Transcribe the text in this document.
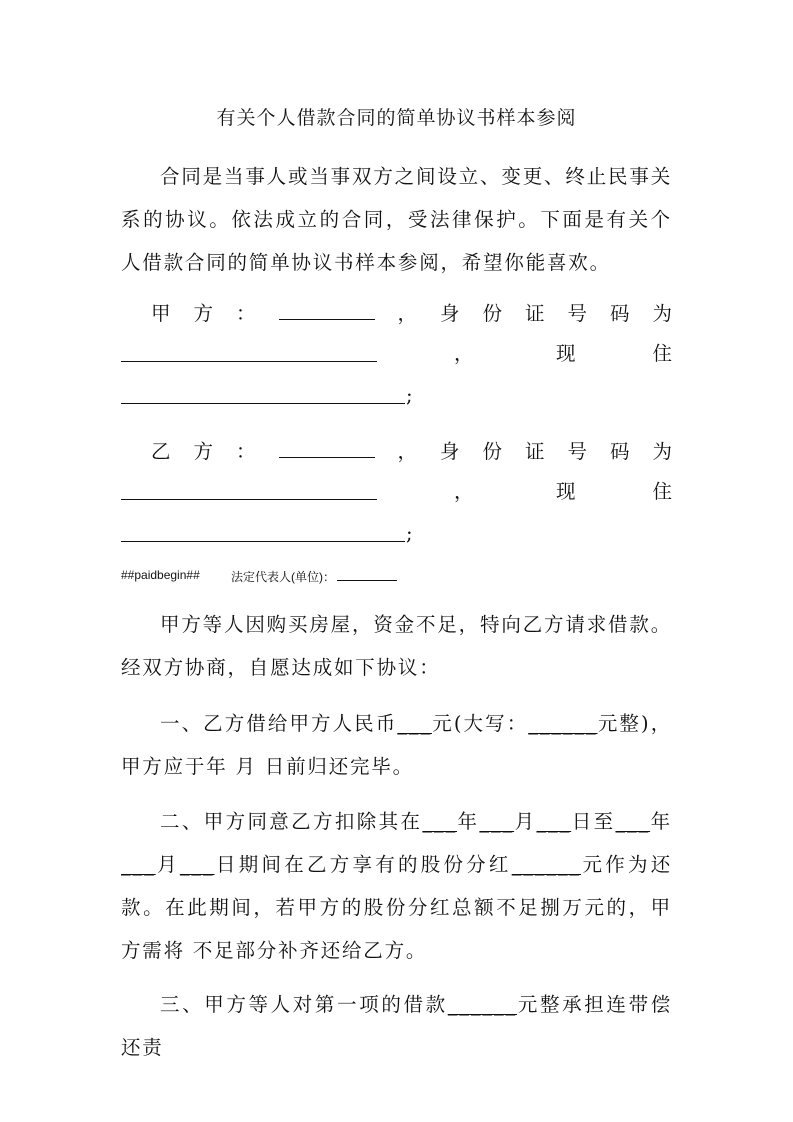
有关个人借款合同的简单协议书样本参阅

合同是当事人或当事双方之间设立、变更、终止民事关系的协议。依法成立的合同，受法律保护。下面是有关个人借款合同的简单协议书样本参阅，希望你能喜欢。

甲 方 ：	， 身 份 证 号 码 为
，	现	住
;
乙 方 ：	， 身 份 证 号 码 为
，	现	住
;
##paidbegin##	法定代表人(单位)：

甲方等人因购买房屋，资金不足，特向乙方请求借款。经双方协商，自愿达成如下协议：

一、乙方借给甲方人民币___元(大写：______元整)，甲方应于年 月 日前归还完毕。

二、甲方同意乙方扣除其在___年___月___日至___年___月___日期间在乙方享有的股份分红______元作为还款。在此期间，若甲方的股份分红总额不足捌万元的，甲方需将 不足部分补齐还给乙方。

三、甲方等人对第一项的借款______元整承担连带偿还责
